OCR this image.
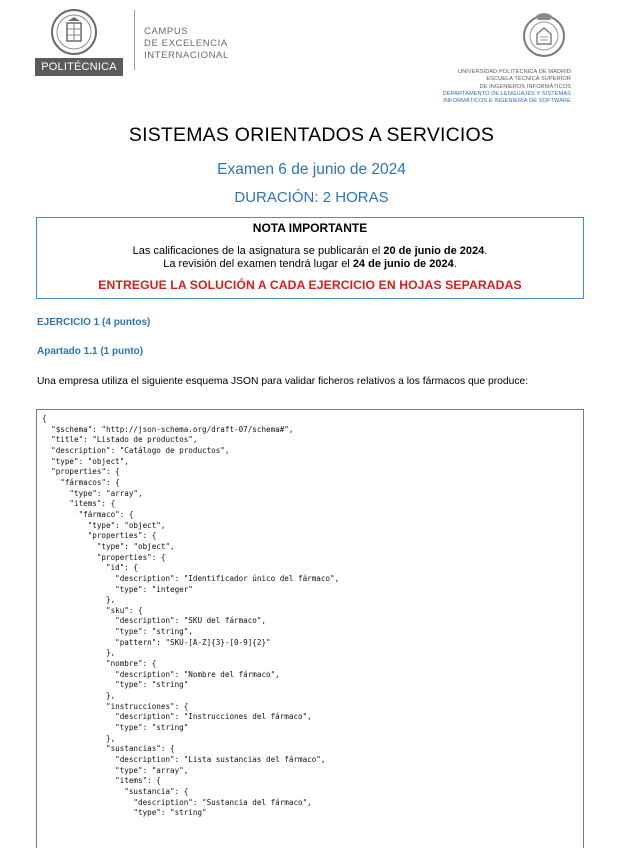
POLITÉCNICA
CAMPUS
DE EXCELENCIA
INTERNACIONAL
UNIVERSIDAD POLITÉCNICA DE MADRID
ESCUELA TÉCNICA SUPERIOR
DE INGENIEROS INFORMÁTICOS
DEPARTAMENTO DE LENGUAJES Y SISTEMAS
INFORMÁTICOS E INGENIERÍA DE SOFTWARE
SISTEMAS ORIENTADOS A SERVICIOS
Examen 6 de junio de 2024
DURACIÓN: 2 HORAS
NOTA IMPORTANTE
Las calificaciones de la asignatura se publicarán el 20 de junio de 2024.
La revisión del examen tendrá lugar el 24 de junio de 2024.
ENTREGUE LA SOLUCIÓN A CADA EJERCICIO EN HOJAS SEPARADAS
EJERCICIO 1 (4 puntos)
Apartado 1.1 (1 punto)
Una empresa utiliza el siguiente esquema JSON para validar ficheros relativos a los fármacos que produce:
{
"$schema": "http://json-schema.org/draft-07/schema#",
"title": "Listado de productos",
"description": "Catálogo de productos",
"type": "object",
"properties": {
"fármacos": {
"type": "array",
"items": {
"fármaco": {
"type": "object",
"properties": {
"type": "object",
"properties": {
"id": {
"description": "Identificador único del fármaco",
"type": "integer"
},
"sku": {
"description": "SKU del fármaco",
"type": "string",
"pattern": "SKU-[A-Z]{3}-[0-9]{2}"
},
"nombre": {
"description": "Nombre del fármaco",
"type": "string"
},
"instrucciones": {
"description": "Instrucciones del fármaco",
"type": "string"
},
"sustancias": {
"description": "Lista sustancias del fármaco",
"type": "array",
"items": {
"sustancia": {
"description": "Sustancia del fármaco",
"type": "string"
